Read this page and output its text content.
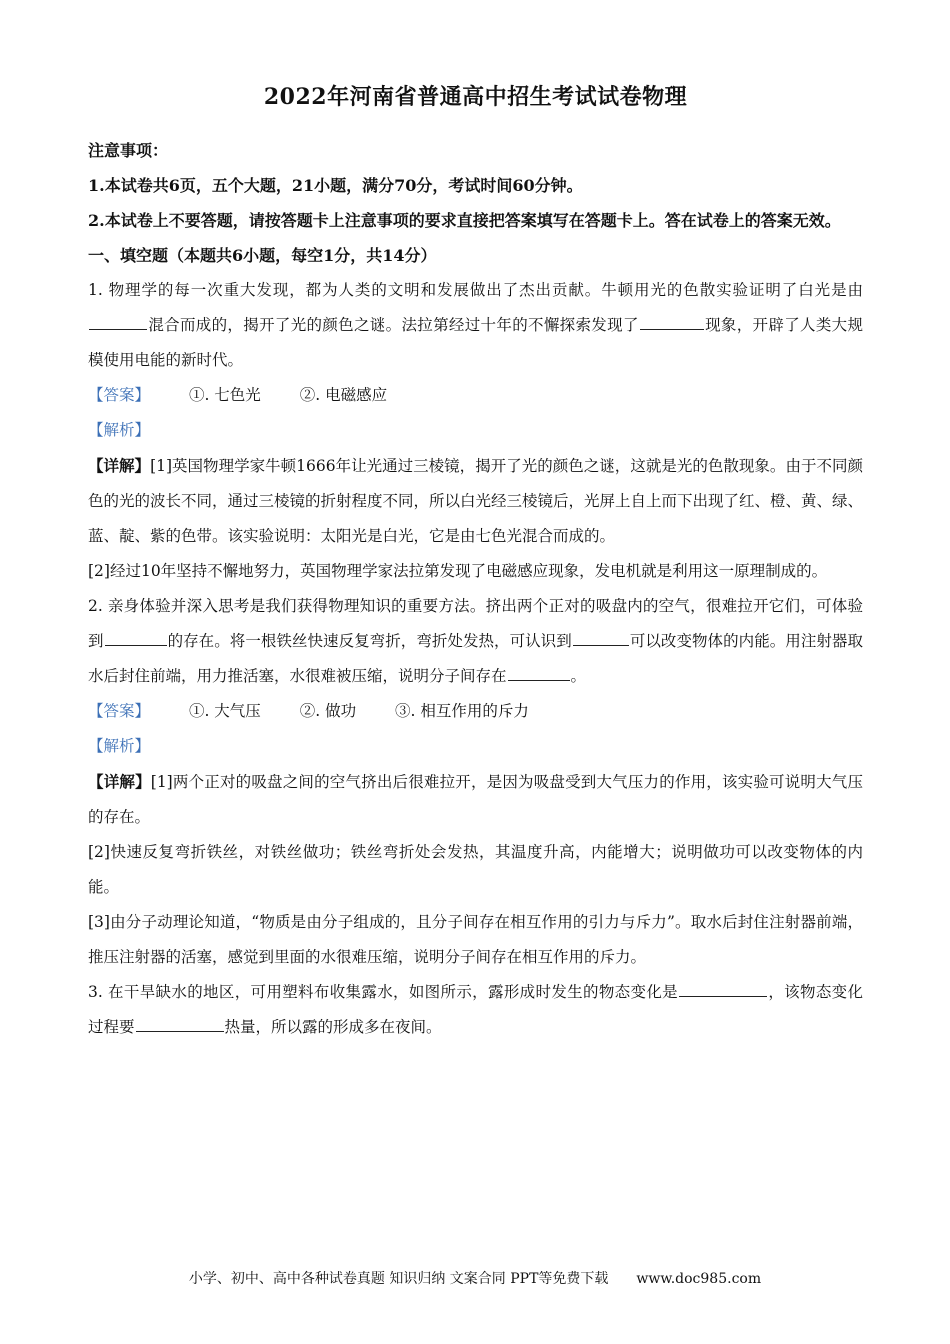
2022年河南省普通高中招生考试试卷物理

注意事项：

1.本试卷共6页，五个大题，21小题，满分70分，考试时间60分钟。

2.本试卷上不要答题，请按答题卡上注意事项的要求直接把答案填写在答题卡上。答在试卷上的答案无效。

一、填空题（本题共6小题，每空1分，共14分）

1. 物理学的每一次重大发现，都为人类的文明和发展做出了杰出贡献。牛顿用光的色散实验证明了白光是由混合而成的，揭开了光的颜色之谜。法拉第经过十年的不懈探索发现了	现象，开辟了人类大规模使用电能的新时代。

【答案】	①. 七色光	②. 电磁感应

【解析】

【详解】[1]英国物理学家牛顿1666年让光通过三棱镜，揭开了光的颜色之谜，这就是光的色散现象。由于不同颜色的光的波长不同，通过三棱镜的折射程度不同，所以白光经三棱镜后，光屏上自上而下出现了红、橙、黄、绿、蓝、靛、紫的色带。该实验说明：太阳光是白光，它是由七色光混合而成的。

[2]经过10年坚持不懈地努力，英国物理学家法拉第发现了电磁感应现象，发电机就是利用这一原理制成的。

2. 亲身体验并深入思考是我们获得物理知识的重要方法。挤出两个正对的吸盘内的空气，很难拉开它们，可体验到	的存在。将一根铁丝快速反复弯折，弯折处发热，可认识到	可以改变物体的内能。用注射器取水后封住前端，用力推活塞，水很难被压缩，说明分子间存在	。

【答案】	①. 大气压	②. 做功	③. 相互作用的斥力

【解析】

【详解】[1]两个正对的吸盘之间的空气挤出后很难拉开，是因为吸盘受到大气压力的作用，该实验可说明大气压的存在。

[2]快速反复弯折铁丝，对铁丝做功；铁丝弯折处会发热，其温度升高，内能增大；说明做功可以改变物体的内能。

[3]由分子动理论知道，“物质是由分子组成的，且分子间存在相互作用的引力与斥力”。取水后封住注射器前端，推压注射器的活塞，感觉到里面的水很难压缩，说明分子间存在相互作用的斥力。

3. 在干旱缺水的地区，可用塑料布收集露水，如图所示，露形成时发生的物态变化是	，该物态变化过程要	热量，所以露的形成多在夜间。

小学、初中、高中各种试卷真题 知识归纳 文案合同 PPT等免费下载 www.doc985.com
